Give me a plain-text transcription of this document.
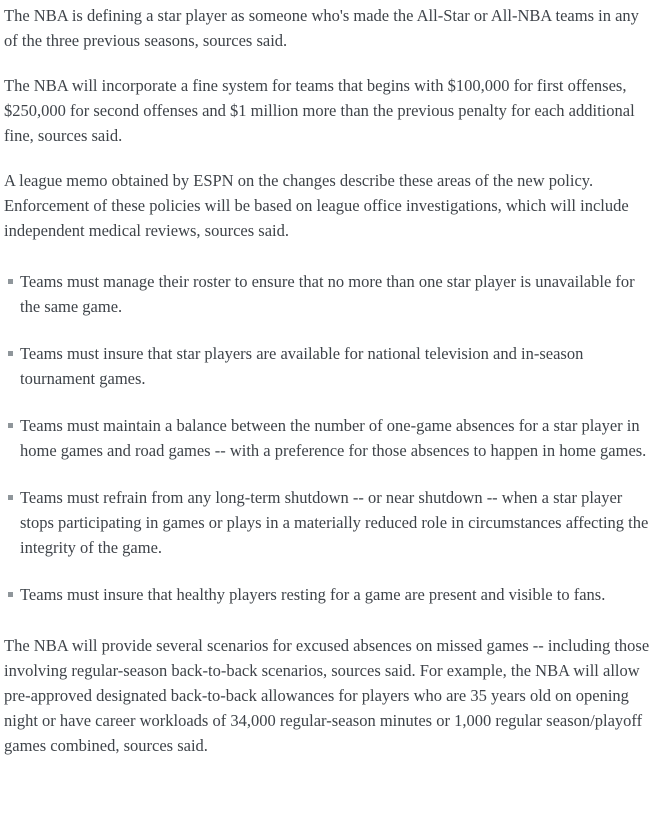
The NBA is defining a star player as someone who's made the All-Star or All-NBA teams in any of the three previous seasons, sources said.

The NBA will incorporate a fine system for teams that begins with $100,000 for first offenses, $250,000 for second offenses and $1 million more than the previous penalty for each additional fine, sources said.

A league memo obtained by ESPN on the changes describe these areas of the new policy. Enforcement of these policies will be based on league office investigations, which will include independent medical reviews, sources said.

Teams must manage their roster to ensure that no more than one star player is unavailable for the same game.
Teams must insure that star players are available for national television and in-season tournament games.
Teams must maintain a balance between the number of one-game absences for a star player in home games and road games -- with a preference for those absences to happen in home games.
Teams must refrain from any long-term shutdown -- or near shutdown -- when a star player stops participating in games or plays in a materially reduced role in circumstances affecting the integrity of the game.
Teams must insure that healthy players resting for a game are present and visible to fans.

The NBA will provide several scenarios for excused absences on missed games -- including those involving regular-season back-to-back scenarios, sources said. For example, the NBA will allow pre-approved designated back-to-back allowances for players who are 35 years old on opening night or have career workloads of 34,000 regular-season minutes or 1,000 regular season/playoff games combined, sources said.
